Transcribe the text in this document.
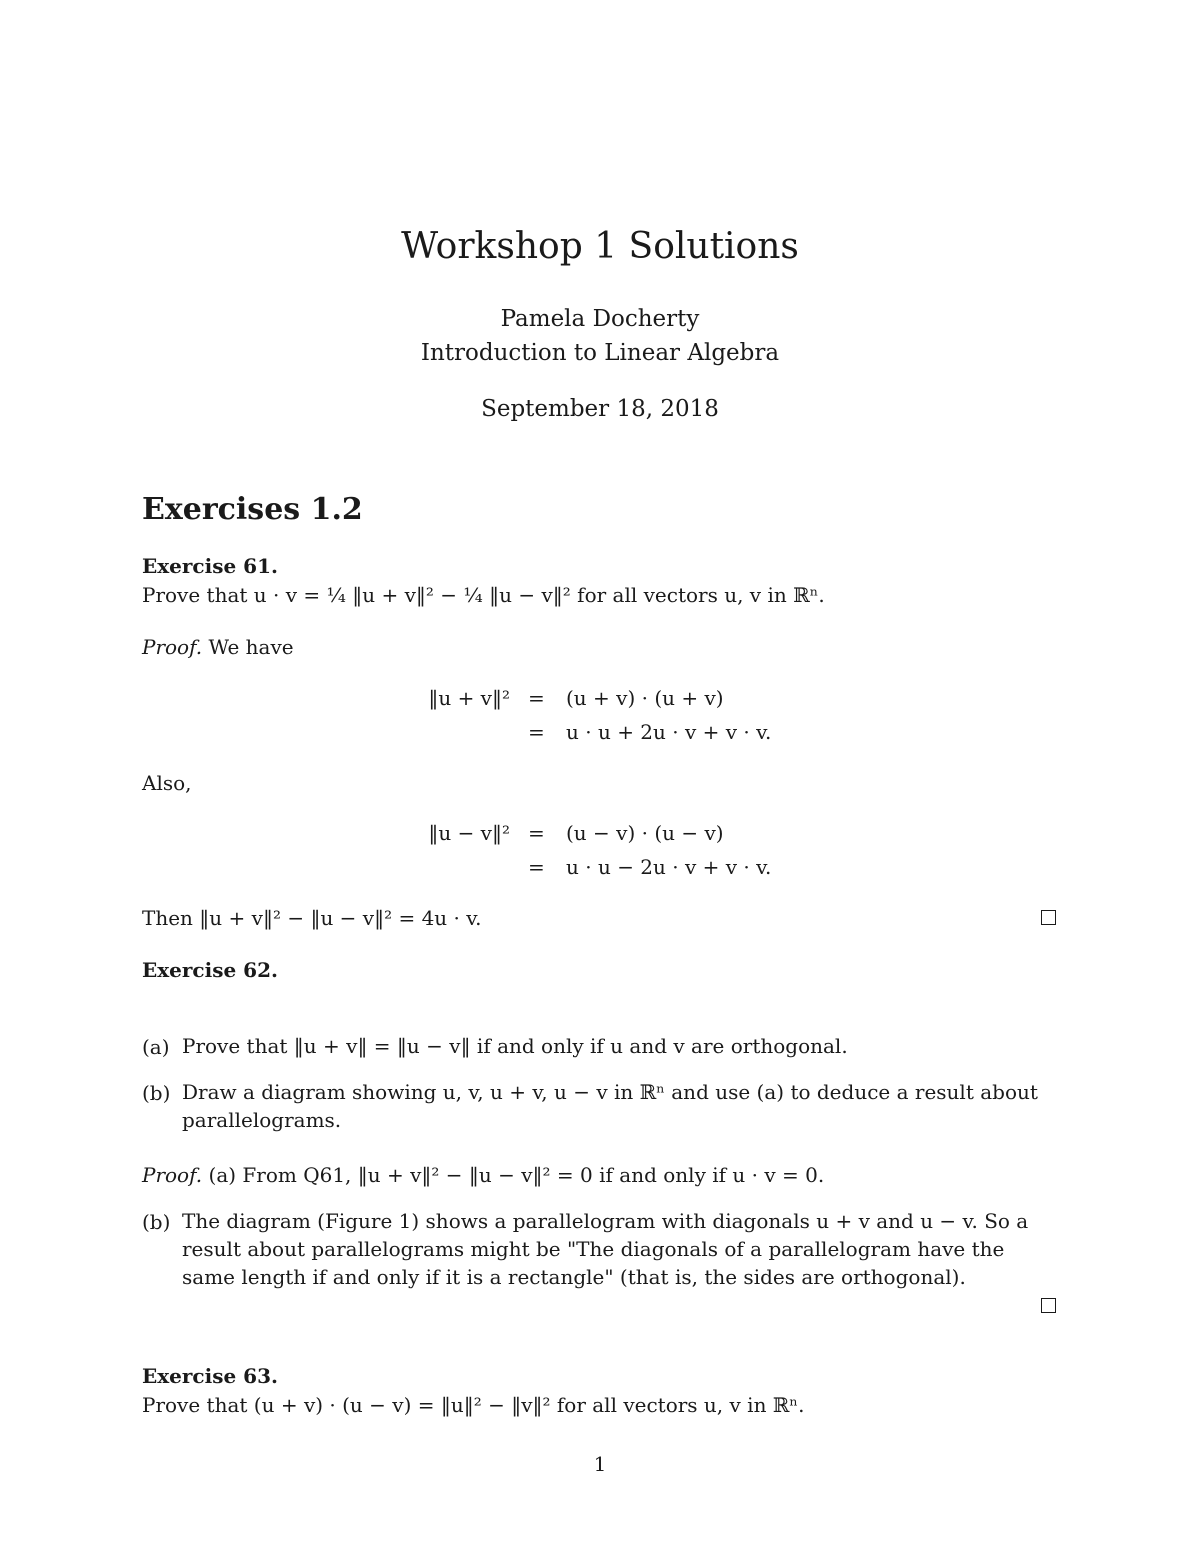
Workshop 1 Solutions
Pamela Docherty
Introduction to Linear Algebra
September 18, 2018
Exercises 1.2
Exercise 61.
Prove that u · v = ¼ ‖u + v‖² − ¼ ‖u − v‖² for all vectors u, v in ℝⁿ.
Proof. We have
‖u + v‖² = (u + v) · (u + v)
= u · u + 2u · v + v · v.
Also,
‖u − v‖² = (u − v) · (u − v)
= u · u − 2u · v + v · v.
Then ‖u + v‖² − ‖u − v‖² = 4u · v.
Exercise 62.
(a) Prove that ‖u + v‖ = ‖u − v‖ if and only if u and v are orthogonal.
(b) Draw a diagram showing u, v, u + v, u − v in ℝⁿ and use (a) to deduce a result about parallelograms.
Proof. (a) From Q61, ‖u + v‖² − ‖u − v‖² = 0 if and only if u · v = 0.
(b) The diagram (Figure 1) shows a parallelogram with diagonals u + v and u − v. So a result about parallelograms might be "The diagonals of a parallelogram have the same length if and only if it is a rectangle" (that is, the sides are orthogonal).
Exercise 63.
Prove that (u + v) · (u − v) = ‖u‖² − ‖v‖² for all vectors u, v in ℝⁿ.
1
